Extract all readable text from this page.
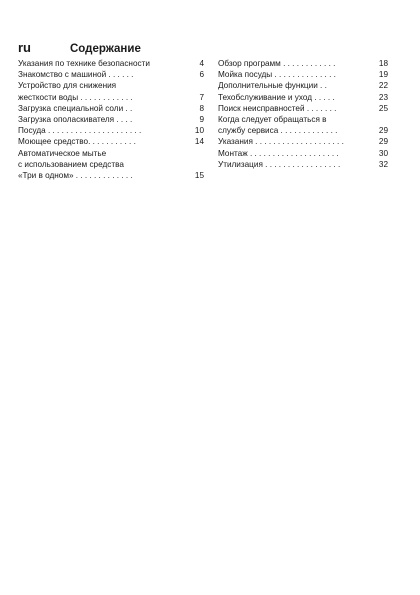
ru	Содержание
Указания по технике безопасности	4
Знакомство с машиной . . . . . .	6
Устройство для снижения
жесткости воды . . . . . . . . . . . .	7
Загрузка специальной соли . .	8
Загрузка ополаскивателя . . . .	9
Посуда . . . . . . . . . . . . . . . . . . . . .	10
Моющее средство. . . . . . . . . . .	14
Автоматическое мытье
с использованием средства
«Три в одном» . . . . . . . . . . . . .	15
Обзор программ . . . . . . . . . . . .	18
Мойка посуды . . . . . . . . . . . . . .	19
Дополнительные функции . .	22
Техобслуживание и уход . . . . .	23
Поиск неисправностей . . . . . . .	25
Когда следует обращаться в
службу сервиса . . . . . . . . . . . . .	29
Указания . . . . . . . . . . . . . . . . . . . .	29
Монтаж . . . . . . . . . . . . . . . . . . . .	30
Утилизация . . . . . . . . . . . . . . . . .	32
